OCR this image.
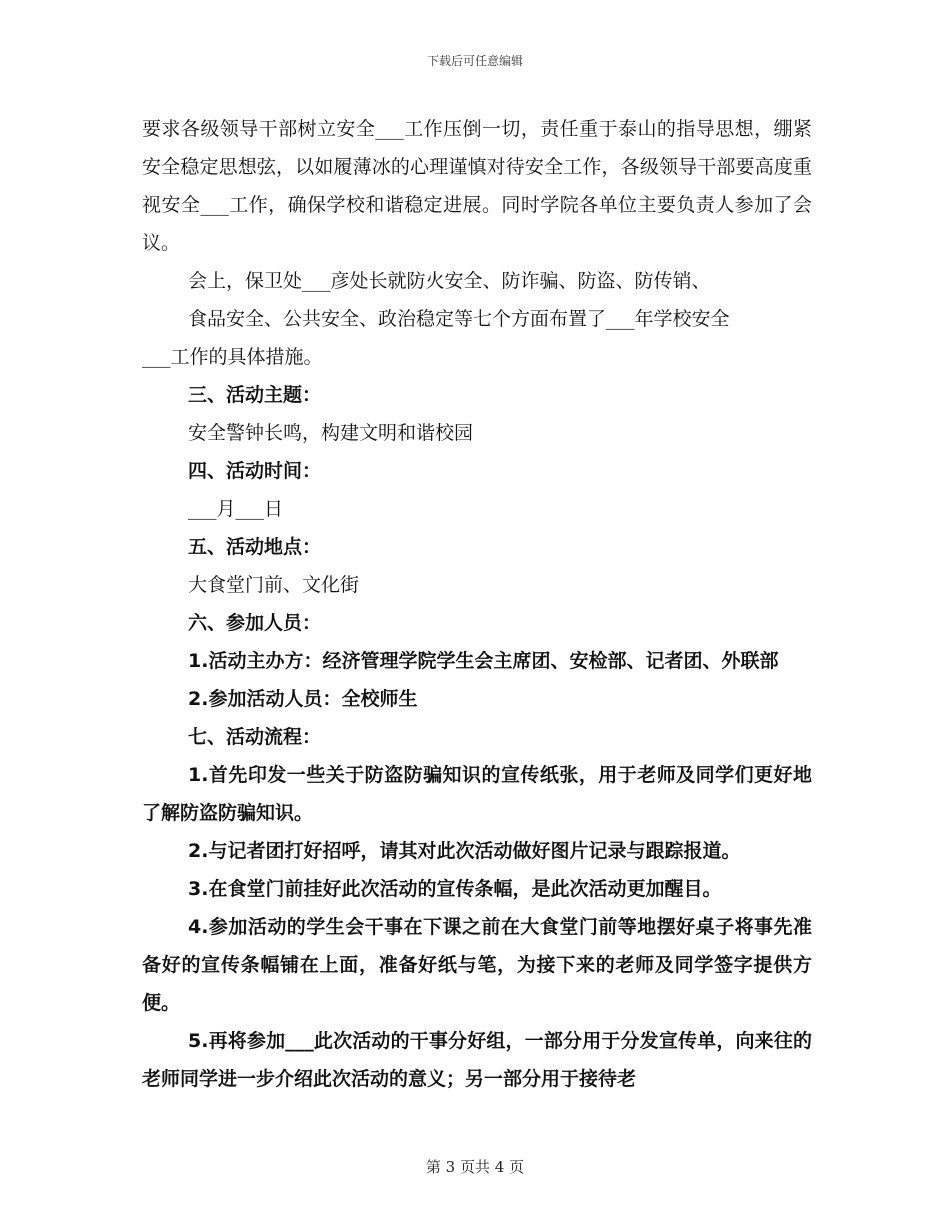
下载后可任意编辑

要求各级领导干部树立安全___工作压倒一切，责任重于泰山的指导思想，绷紧安全稳定思想弦，以如履薄冰的心理谨慎对待安全工作，各级领导干部要高度重视安全___工作，确保学校和谐稳定进展。同时学院各单位主要负责人参加了会议。

会上，保卫处___彦处长就防火安全、防诈骗、防盗、防传销、

食品安全、公共安全、政治稳定等七个方面布置了___年学校安全

___工作的具体措施。

三、活动主题：

安全警钟长鸣，构建文明和谐校园

四、活动时间：

___月___日

五、活动地点：

大食堂门前、文化街

六、参加人员：

1.活动主办方：经济管理学院学生会主席团、安检部、记者团、外联部

2.参加活动人员：全校师生

七、活动流程：

1.首先印发一些关于防盗防骗知识的宣传纸张，用于老师及同学们更好地了解防盗防骗知识。

2.与记者团打好招呼，请其对此次活动做好图片记录与跟踪报道。

3.在食堂门前挂好此次活动的宣传条幅，是此次活动更加醒目。

4.参加活动的学生会干事在下课之前在大食堂门前等地摆好桌子将事先准备好的宣传条幅铺在上面，准备好纸与笔，为接下来的老师及同学签字提供方便。

5.再将参加___此次活动的干事分好组，一部分用于分发宣传单，向来往的老师同学进一步介绍此次活动的意义；另一部分用于接待老

第 3 页共 4 页
